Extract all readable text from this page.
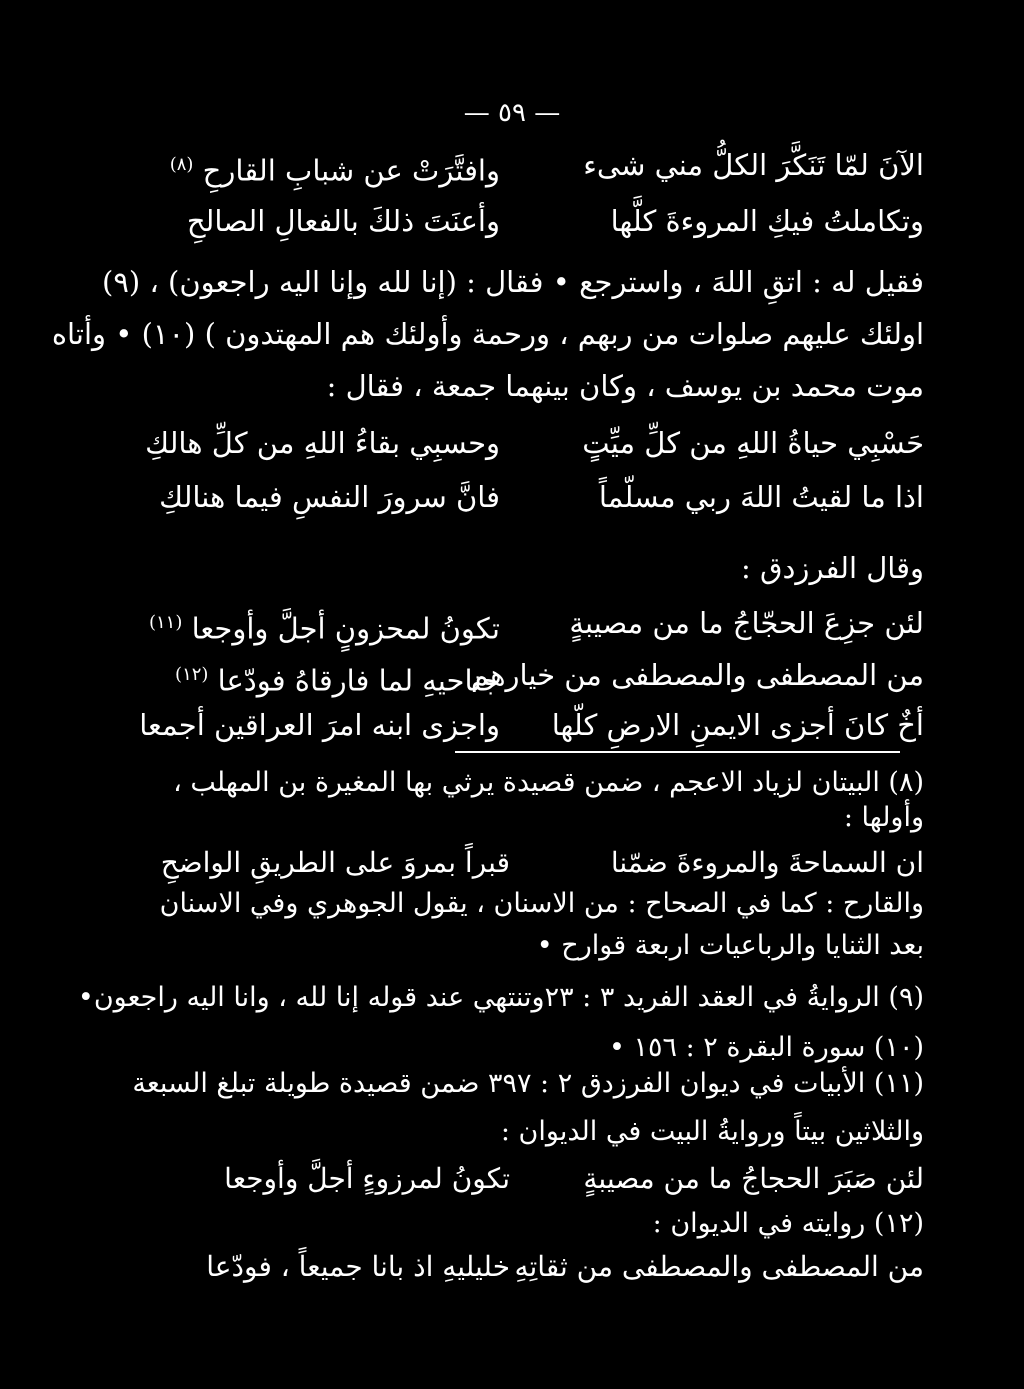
— ٥٩ —
الآنَ لمّا تَنَكَّرَ الكلُّ مني شىء
وافتَّرَتْ عن شبابِ القارحِ $^{(٨)}$
وتكاملتُ فيكِ المروءةَ كلَّها
وأعنَتَ ذلكَ بالفعالِ الصالحِ
فقيل له : اتقِ اللهَ ، واسترجع • فقال : (إنا لله وإنا اليه راجعون) ، (٩)
اولئك عليهم صلوات من ربهم ، ورحمة وأولئك هم المهتدون ) (١٠) • وأتاه
موت محمد بن يوسف ، وكان بينهما جمعة ، فقال :
حَسْبِي حياةُ اللهِ من كلِّ ميِّتٍ
وحسبِي بقاءُ اللهِ من كلِّ هالكِ
اذا ما لقيتُ اللهَ ربي مسلّماً
فانَّ سرورَ النفسِ فيما هنالكِ
وقال الفرزدق :
لئن جزِعَ الحجّاجُ ما من مصيبةٍ
تكونُ لمحزونٍ أجلَّ وأوجعا $^{(١١)}$
من المصطفى والمصطفى من خيارهم
جناحيهِ لما فارقاهُ فودّعا $^{(١٢)}$
أخٌ كانَ أجزى الايمنِ الارضِ كلّها
واجزى ابنه امرَ العراقين أجمعا
(٨) البيتان لزياد الاعجم ، ضمن قصيدة يرثي بها المغيرة بن المهلب ،
وأولها :
ان السماحةَ والمروءةَ ضمّنا
قبراً بمروَ على الطريقِ الواضحِ
والقارح : كما في الصحاح : من الاسنان ، يقول الجوهري وفي الاسنان
بعد الثنايا والرباعيات اربعة قوارح •
(٩) الروايةُ في العقد الفريد ٣ : ٢٣وتنتهي عند قوله إنا لله ، وانا اليه راجعون•
(١٠) سورة البقرة ٢ : ١٥٦ •
(١١) الأبيات في ديوان الفرزدق ٢ : ٣٩٧ ضمن قصيدة طويلة تبلغ السبعة
والثلاثين بيتاً وروايةُ البيت في الديوان :
لئن صَبَرَ الحجاجُ ما من مصيبةٍ
تكونُ لمرزوءٍ أجلَّ وأوجعا
(١٢) روايته في الديوان :
من المصطفى والمصطفى من ثقاتِهِ
خليليهِ اذ بانا جميعاً ، فودّعا
